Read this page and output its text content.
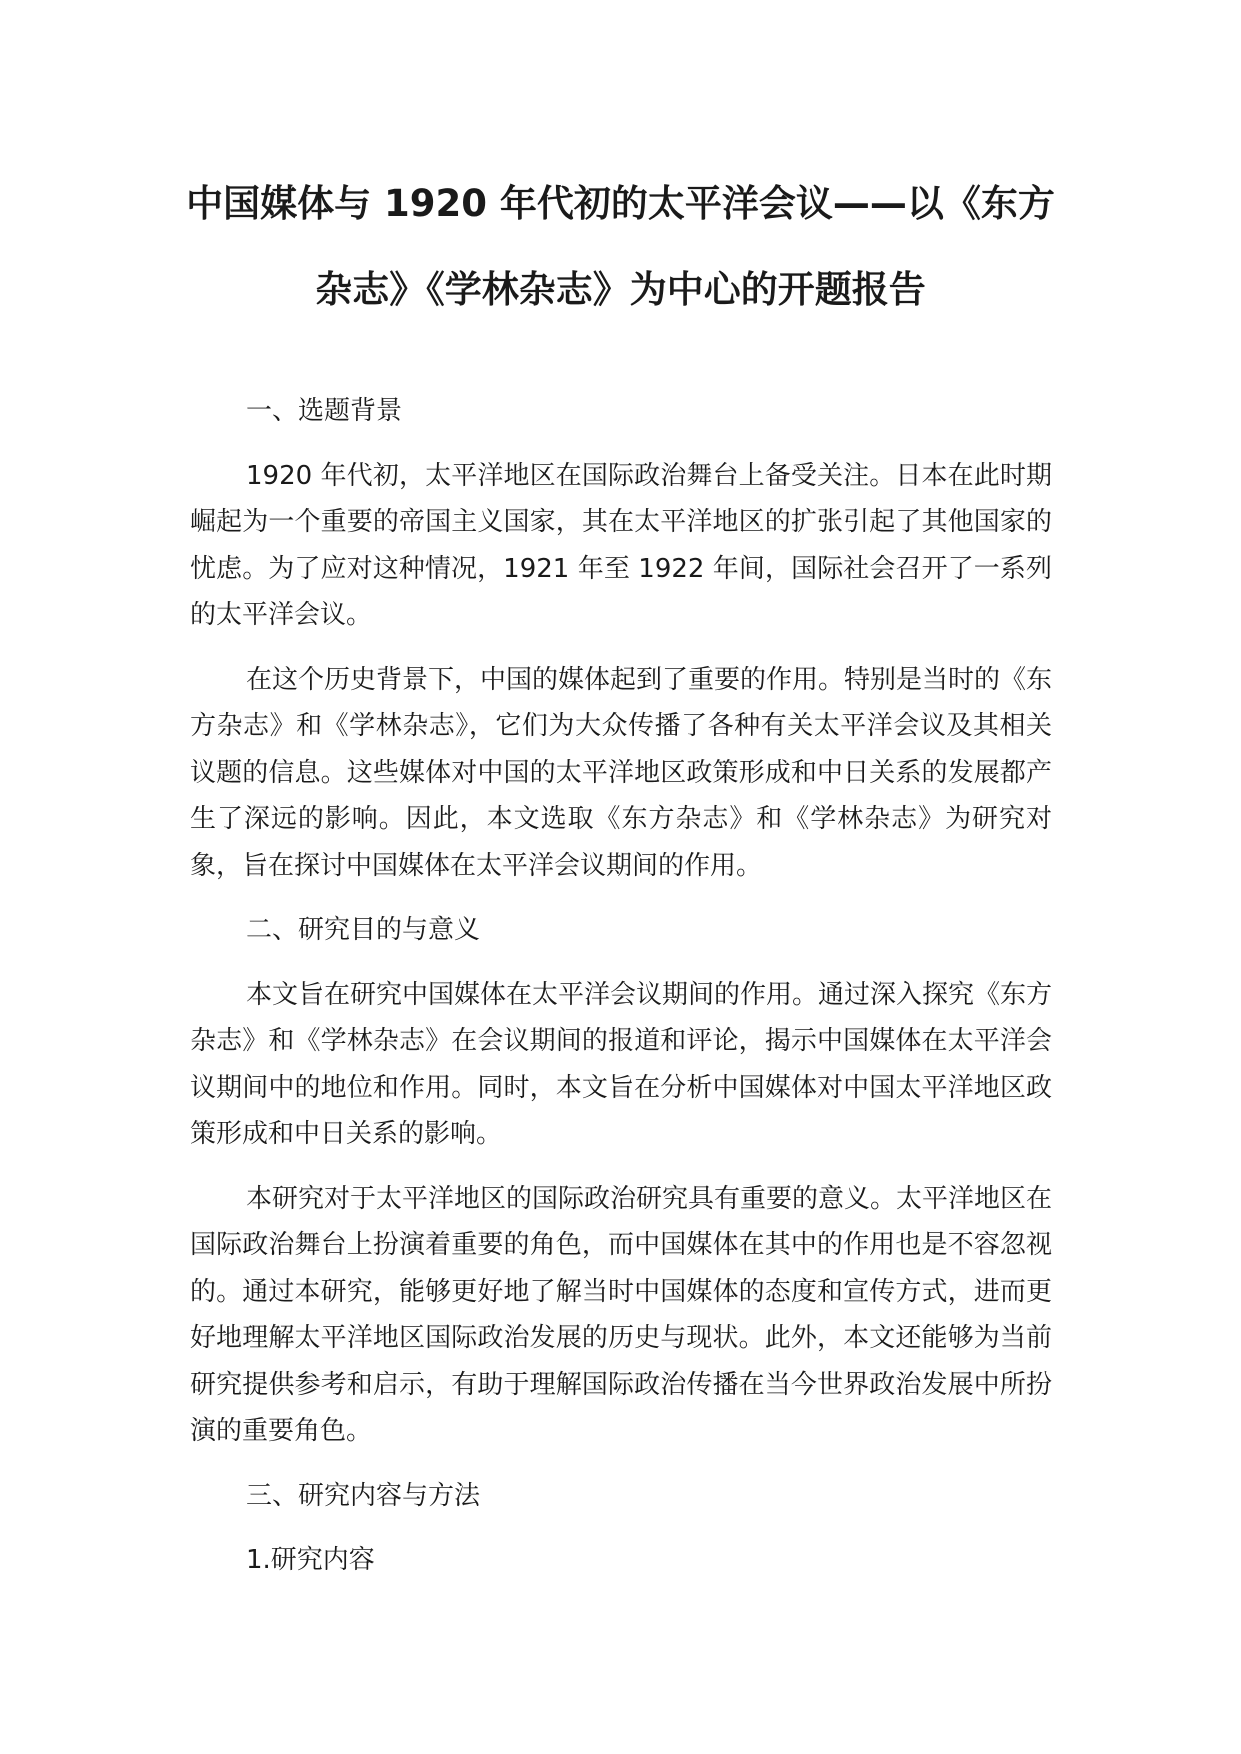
中国媒体与 1920 年代初的太平洋会议——以《东方
杂志》《学林杂志》为中心的开题报告

一、选题背景

1920 年代初，太平洋地区在国际政治舞台上备受关注。日本在此时期崛起为一个重要的帝国主义国家，其在太平洋地区的扩张引起了其他国家的忧虑。为了应对这种情况，1921 年至 1922 年间，国际社会召开了一系列的太平洋会议。

在这个历史背景下，中国的媒体起到了重要的作用。特别是当时的《东方杂志》和《学林杂志》，它们为大众传播了各种有关太平洋会议及其相关议题的信息。这些媒体对中国的太平洋地区政策形成和中日关系的发展都产生了深远的影响。因此，本文选取《东方杂志》和《学林杂志》为研究对象，旨在探讨中国媒体在太平洋会议期间的作用。

二、研究目的与意义

本文旨在研究中国媒体在太平洋会议期间的作用。通过深入探究《东方杂志》和《学林杂志》在会议期间的报道和评论，揭示中国媒体在太平洋会议期间中的地位和作用。同时，本文旨在分析中国媒体对中国太平洋地区政策形成和中日关系的影响。

本研究对于太平洋地区的国际政治研究具有重要的意义。太平洋地区在国际政治舞台上扮演着重要的角色，而中国媒体在其中的作用也是不容忽视的。通过本研究，能够更好地了解当时中国媒体的态度和宣传方式，进而更好地理解太平洋地区国际政治发展的历史与现状。此外，本文还能够为当前研究提供参考和启示，有助于理解国际政治传播在当今世界政治发展中所扮演的重要角色。

三、研究内容与方法

1.研究内容
